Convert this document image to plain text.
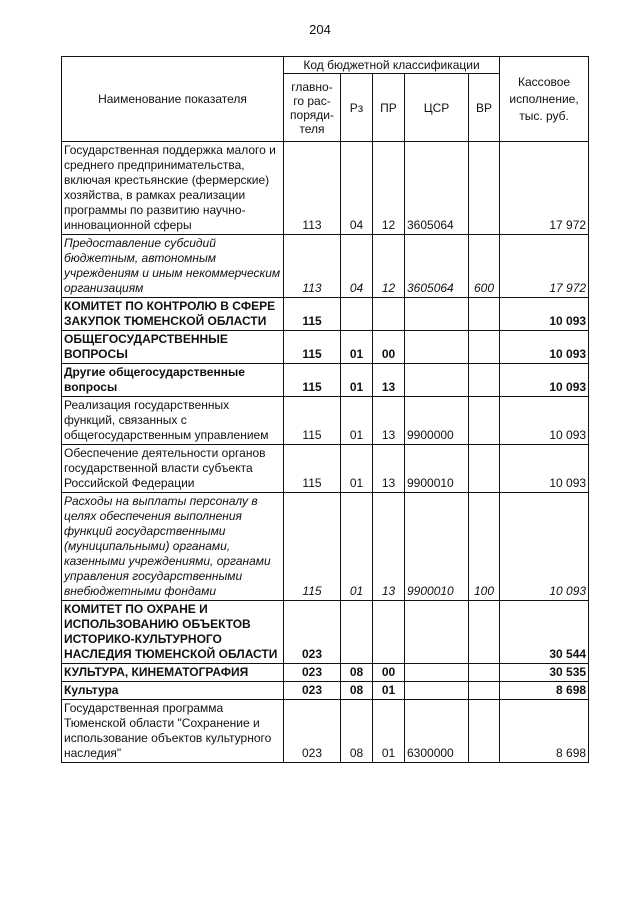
204
Наименование показателя	Код бюджетной классификации					Кассовое исполнение, тыс. руб.
	главно-го рас-поряди-теля	Рз	ПР	ЦСР	ВР	
Государственная поддержка малого и среднего предпринимательства, включая крестьянские (фермерские) хозяйства, в рамках реализации программы по развитию научно-инновационной сферы	113	04	12	3605064		17 972
Предоставление субсидий бюджетным, автономным учреждениям и иным некоммерческим организациям	113	04	12	3605064	600	17 972
КОМИТЕТ ПО КОНТРОЛЮ В СФЕРЕ ЗАКУПОК ТЮМЕНСКОЙ ОБЛАСТИ	115					10 093
ОБЩЕГОСУДАРСТВЕННЫЕ ВОПРОСЫ	115	01	00			10 093
Другие общегосударственные вопросы	115	01	13			10 093
Реализация государственных функций, связанных с общегосударственным управлением	115	01	13	9900000		10 093
Обеспечение деятельности органов государственной власти субъекта Российской Федерации	115	01	13	9900010		10 093
Расходы на выплаты персоналу в целях обеспечения выполнения функций государственными (муниципальными) органами, казенными учреждениями, органами управления государственными внебюджетными фондами	115	01	13	9900010	100	10 093
КОМИТЕТ ПО ОХРАНЕ И ИСПОЛЬЗОВАНИЮ ОБЪЕКТОВ ИСТОРИКО-КУЛЬТУРНОГО НАСЛЕДИЯ ТЮМЕНСКОЙ ОБЛАСТИ	023					30 544
КУЛЬТУРА, КИНЕМАТОГРАФИЯ	023	08	00			30 535
Культура	023	08	01			8 698
Государственная программа Тюменской области "Сохранение и использование объектов культурного наследия"	023	08	01	6300000		8 698
